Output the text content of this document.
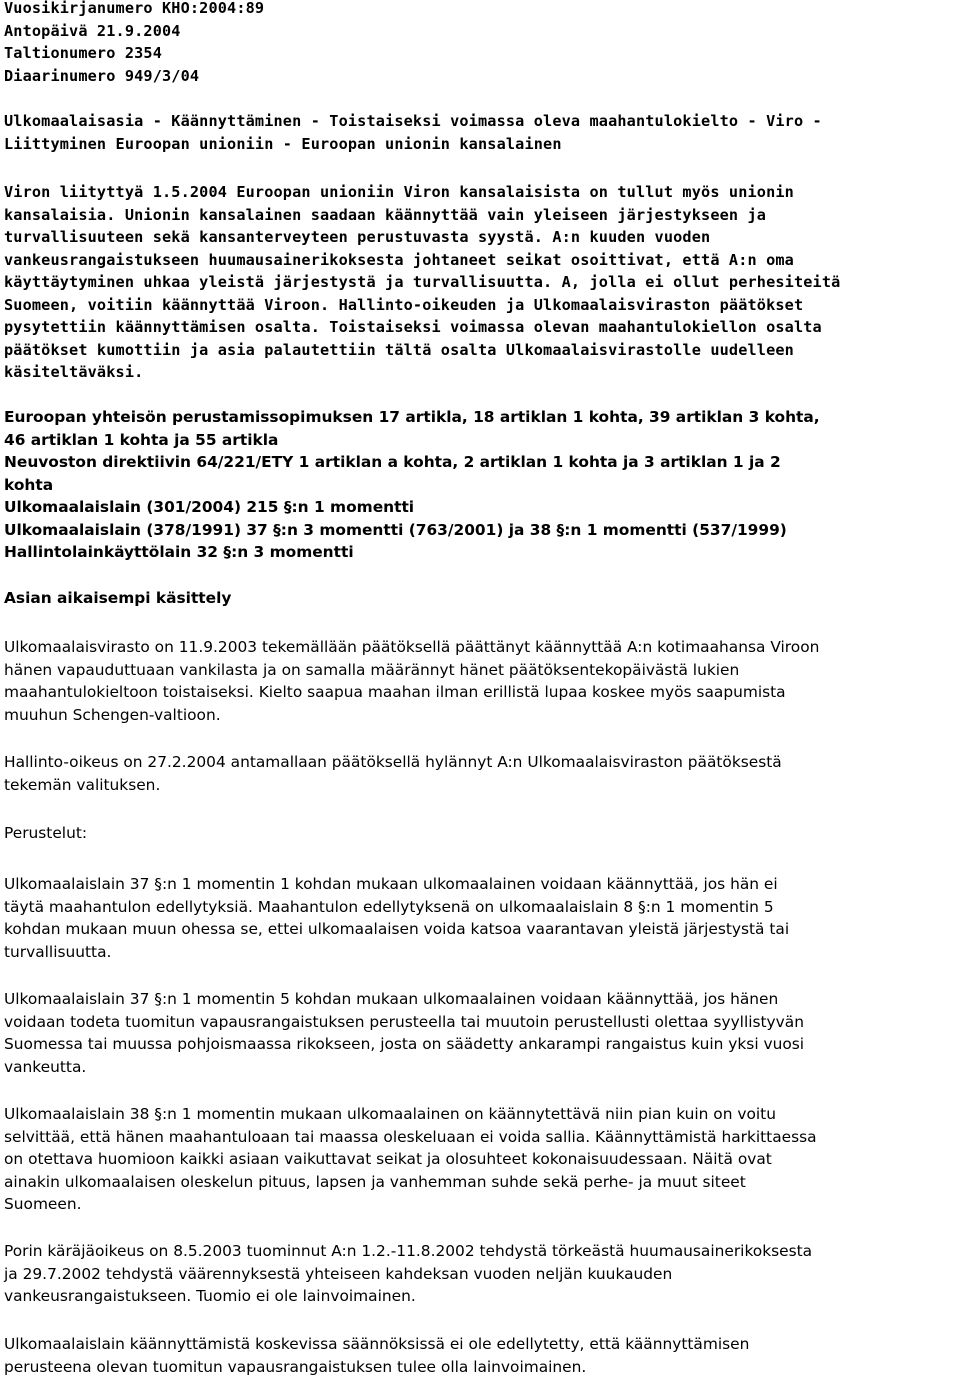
Vuosikirjanumero KHO:2004:89
Antopäivä 21.9.2004
Taltionumero 2354
Diaarinumero 949/3/04
Ulkomaalaisasia - Käännyttäminen - Toistaiseksi voimassa oleva maahantulokielto - Viro -
Liittyminen Euroopan unioniin - Euroopan unionin kansalainen
Viron liityttyä 1.5.2004 Euroopan unioniin Viron kansalaisista on tullut myös unionin
kansalaisia. Unionin kansalainen saadaan käännyttää vain yleiseen järjestykseen ja
turvallisuuteen sekä kansanterveyteen perustuvasta syystä. A:n kuuden vuoden
vankeusrangaistukseen huumausainerikoksesta johtaneet seikat osoittivat, että A:n oma
käyttäytyminen uhkaa yleistä järjestystä ja turvallisuutta. A, jolla ei ollut perhesiteitä
Suomeen, voitiin käännyttää Viroon. Hallinto-oikeuden ja Ulkomaalaisviraston päätökset
pysytettiin käännyttämisen osalta. Toistaiseksi voimassa olevan maahantulokiellon osalta
päätökset kumottiin ja asia palautettiin tältä osalta Ulkomaalaisvirastolle uudelleen
käsiteltäväksi.
Euroopan yhteisön perustamissopimuksen 17 artikla, 18 artiklan 1 kohta, 39 artiklan 3 kohta,
46 artiklan 1 kohta ja 55 artikla
Neuvoston direktiivin 64/221/ETY 1 artiklan a kohta, 2 artiklan 1 kohta ja 3 artiklan 1 ja 2
kohta
Ulkomaalaislain (301/2004) 215 §:n 1 momentti
Ulkomaalaislain (378/1991) 37 §:n 3 momentti (763/2001) ja 38 §:n 1 momentti (537/1999)
Hallintolainkäyttölain 32 §:n 3 momentti
Asian aikaisempi käsittely
Ulkomaalaisvirasto on 11.9.2003 tekemällään päätöksellä päättänyt käännyttää A:n kotimaahansa Viroon
hänen vapauduttuaan vankilasta ja on samalla määrännyt hänet päätöksentekopäivästä lukien
maahantulokieltoon toistaiseksi. Kielto saapua maahan ilman erillistä lupaa koskee myös saapumista
muuhun Schengen-valtioon.
Hallinto-oikeus on 27.2.2004 antamallaan päätöksellä hylännyt A:n Ulkomaalaisviraston päätöksestä
tekemän valituksen.
Perustelut:
Ulkomaalaislain 37 §:n 1 momentin 1 kohdan mukaan ulkomaalainen voidaan käännyttää, jos hän ei
täytä maahantulon edellytyksiä. Maahantulon edellytyksenä on ulkomaalaislain 8 §:n 1 momentin 5
kohdan mukaan muun ohessa se, ettei ulkomaalaisen voida katsoa vaarantavan yleistä järjestystä tai
turvallisuutta.
Ulkomaalaislain 37 §:n 1 momentin 5 kohdan mukaan ulkomaalainen voidaan käännyttää, jos hänen
voidaan todeta tuomitun vapausrangaistuksen perusteella tai muutoin perustellusti olettaa syyllistyvän
Suomessa tai muussa pohjoismaassa rikokseen, josta on säädetty ankarampi rangaistus kuin yksi vuosi
vankeutta.
Ulkomaalaislain 38 §:n 1 momentin mukaan ulkomaalainen on käännytettävä niin pian kuin on voitu
selvittää, että hänen maahantuloaan tai maassa oleskeluaan ei voida sallia. Käännyttämistä harkittaessa
on otettava huomioon kaikki asiaan vaikuttavat seikat ja olosuhteet kokonaisuudessaan. Näitä ovat
ainakin ulkomaalaisen oleskelun pituus, lapsen ja vanhemman suhde sekä perhe- ja muut siteet
Suomeen.
Porin käräjäoikeus on 8.5.2003 tuominnut A:n 1.2.-11.8.2002 tehdystä törkeästä huumausainerikoksesta
ja 29.7.2002 tehdystä väärennyksestä yhteiseen kahdeksan vuoden neljän kuukauden
vankeusrangaistukseen. Tuomio ei ole lainvoimainen.
Ulkomaalaislain käännyttämistä koskevissa säännöksissä ei ole edellytetty, että käännyttämisen
perusteena olevan tuomitun vapausrangaistuksen tulee olla lainvoimainen.
